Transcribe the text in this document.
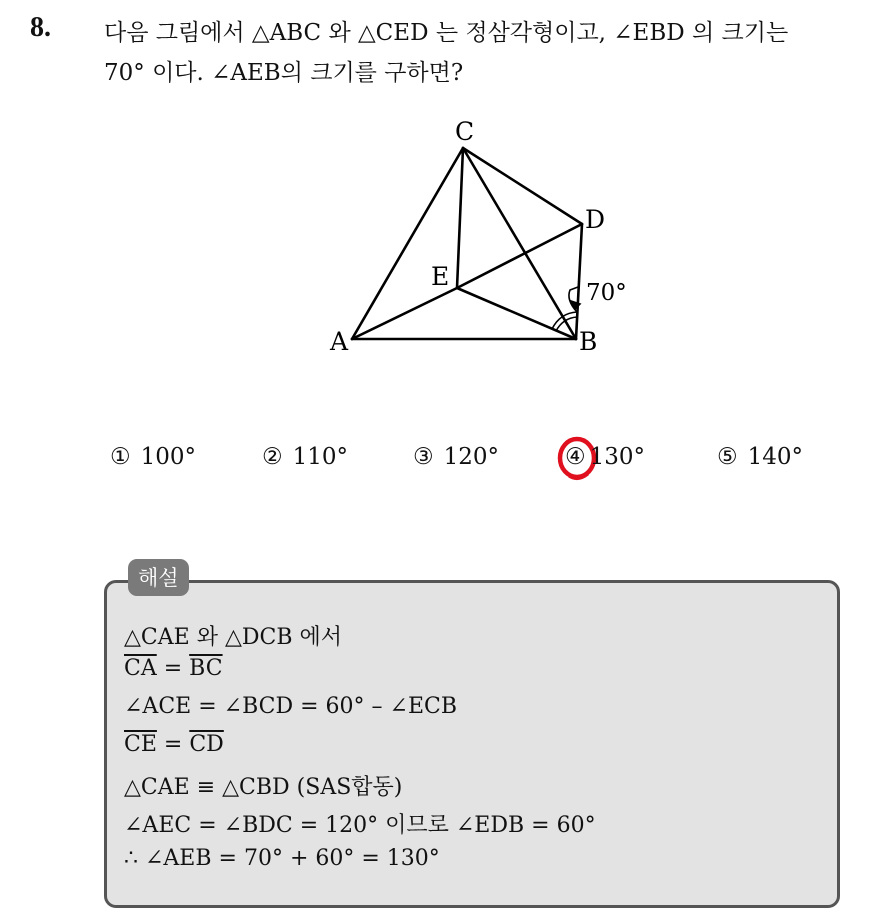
8. 다음 그림에서 △ABC 와 △CED 는 정삼각형이고, ∠EBD 의 크기는
70° 이다. ∠AEB의 크기를 구하면?
C
D
E
A	B
70°
① 100°	② 110°	③ 120°	④ 130°	⑤ 140°
해설
△CAE 와 △DCB 에서
$\overline{CA} = \overline{BC}$
∠ACE = ∠BCD = 60° – ∠ECB
$\overline{CE} = \overline{CD}$
△CAE ≡ △CBD (SAS합동)
∠AEC = ∠BDC = 120° 이므로 ∠EDB = 60°
∴ ∠AEB = 70° + 60° = 130°
